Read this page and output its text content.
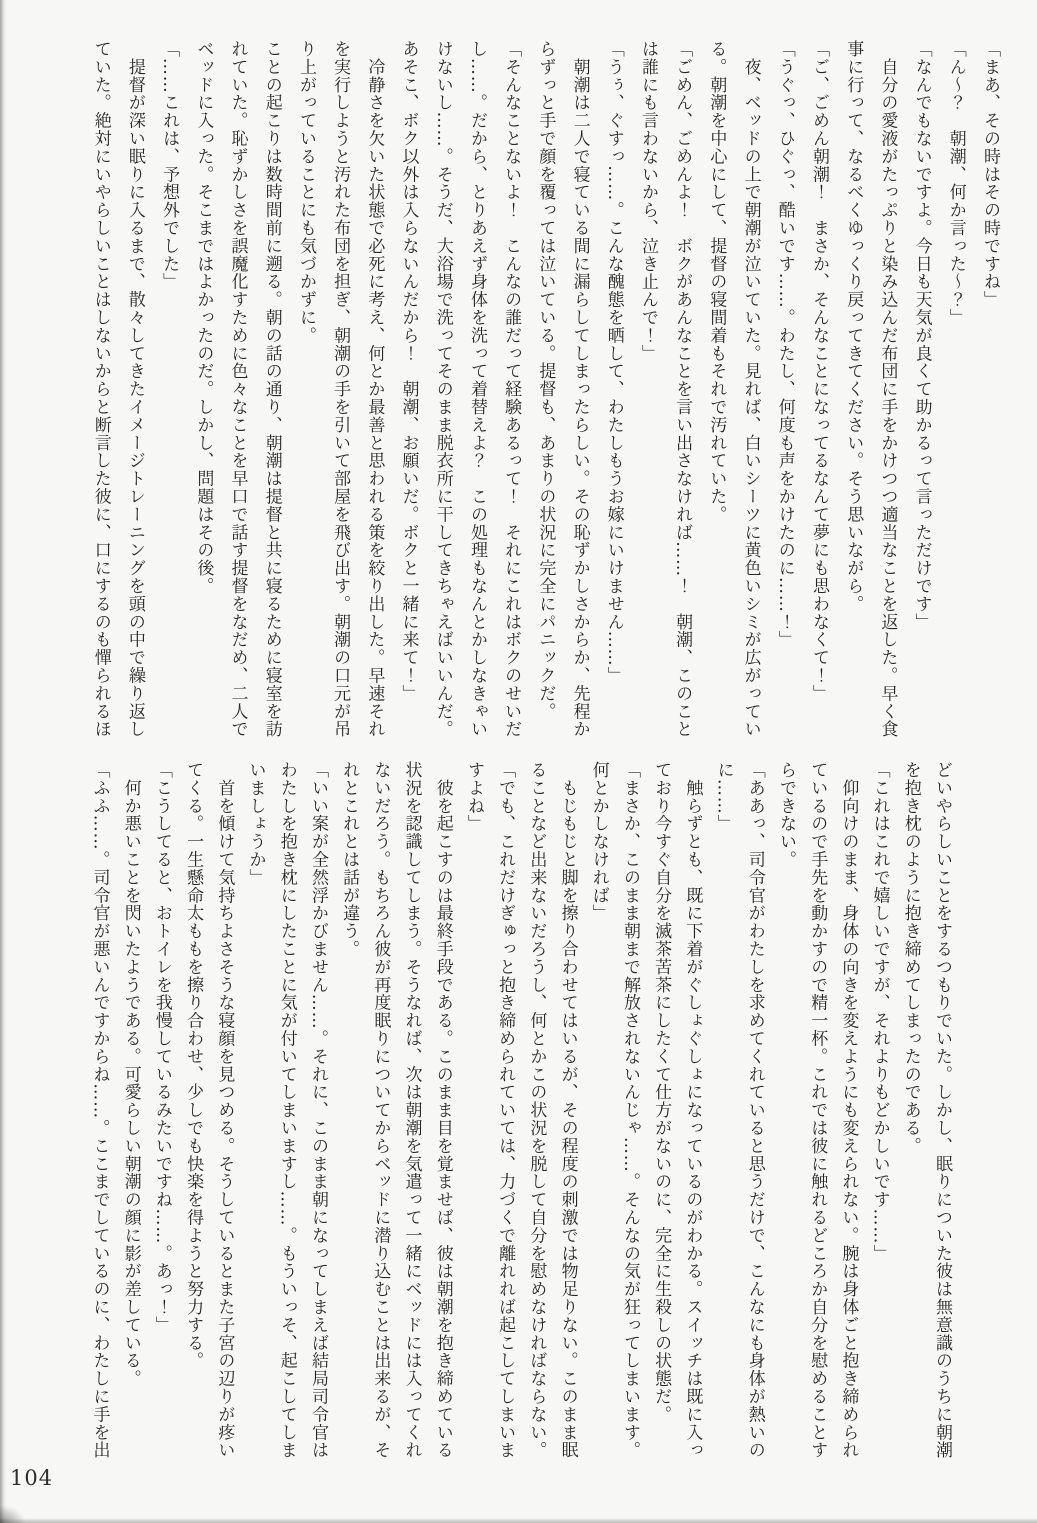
「まあ、その時はその時ですね」
「ん〜？　朝潮、何か言った〜？」
「なんでもないですよ。今日も天気が良くて助かるって言っただけです」
　自分の愛液がたっぷりと染み込んだ布団に手をかけつつ適当なことを返した。早く食
事に行って、なるべくゆっくり戻ってきてください。そう思いながら。
「ご、ごめん朝潮！　まさか、そんなことになってるなんて夢にも思わなくて！」
「うぐっ、ひぐっ、酷いです……。わたし、何度も声をかけたのに……！」
　夜、ベッドの上で朝潮が泣いていた。見れば、白いシーツに黄色いシミが広がってい
る。朝潮を中心にして、提督の寝間着もそれで汚れていた。
「ごめん、ごめんよ！　ボクがあんなことを言い出さなければ……！　朝潮、このこと
は誰にも言わないから、泣き止んで！」
「うぅ、ぐすっ……。こんな醜態を晒して、わたしもうお嫁にいけません……」
　朝潮は二人で寝ている間に漏らしてしまったらしい。その恥ずかしさからか、先程か
らずっと手で顔を覆っては泣いている。提督も、あまりの状況に完全にパニックだ。
「そんなことないよ！　こんなの誰だって経験あるって！　それにこれはボクのせいだ
し……。だから、とりあえず身体を洗って着替えよ？　この処理もなんとかしなきゃい
けないし……。そうだ、大浴場で洗ってそのまま脱衣所に干してきちゃえばいいんだ。
あそこ、ボク以外は入らないんだから！　朝潮、お願いだ。ボクと一緒に来て！」
　冷静さを欠いた状態で必死に考え、何とか最善と思われる策を絞り出した。早速それ
を実行しようと汚れた布団を担ぎ、朝潮の手を引いて部屋を飛び出す。朝潮の口元が吊
り上がっていることにも気づかずに。
ことの起こりは数時間前に遡る。朝の話の通り、朝潮は提督と共に寝るために寝室を訪
れていた。恥ずかしさを誤魔化すために色々なことを早口で話す提督をなだめ、二人で
ベッドに入った。そこまではよかったのだ。しかし、問題はその後。
「……これは、予想外でした」
　提督が深い眠りに入るまで、散々してきたイメージトレーニングを頭の中で繰り返し
ていた。絶対にいやらしいことはしないからと断言した彼に、口にするのも憚られるほ
どいやらしいことをするつもりでいた。しかし、眠りについた彼は無意識のうちに朝潮
を抱き枕のように抱き締めてしまったのである。
「これはこれで嬉しいですが、それよりもどかしいです……」
　仰向けのまま、身体の向きを変えようにも変えられない。腕は身体ごと抱き締められ
ているので手先を動かすので精一杯。これでは彼に触れるどころか自分を慰めることす
らできない。
「ああっ、司令官がわたしを求めてくれていると思うだけで、こんなにも身体が熱いの
に……」
　触らずとも、既に下着がぐしょぐしょになっているのがわかる。スイッチは既に入っ
ており今すぐ自分を滅茶苦茶にしたくて仕方がないのに、完全に生殺しの状態だ。
「まさか、このまま朝まで解放されないんじゃ……。そんなの気が狂ってしまいます。
何とかしなければ」
　もじもじと脚を擦り合わせてはいるが、その程度の刺激では物足りない。このまま眠
ることなど出来ないだろうし、何とかこの状況を脱して自分を慰めなければならない。
「でも、これだけぎゅっと抱き締められていては、力づくで離れれば起こしてしまいま
すよね」
　彼を起こすのは最終手段である。このまま目を覚ませば、彼は朝潮を抱き締めている
状況を認識してしまう。そうなれば、次は朝潮を気遣って一緒にベッドには入ってくれ
ないだろう。もちろん彼が再度眠りについてからベッドに潜り込むことは出来るが、そ
れとこれとは話が違う。
「いい案が全然浮かびません……。それに、このまま朝になってしまえば結局司令官は
わたしを抱き枕にしたことに気が付いてしまいますし……。もういっそ、起こしてしま
いましょうか」
　首を傾けて気持ちよさそうな寝顔を見つめる。そうしているとまた子宮の辺りが疼い
てくる。一生懸命太ももを擦り合わせ、少しでも快楽を得ようと努力する。
「こうしてると、おトイレを我慢しているみたいですね……。あっ！」
　何か悪いことを閃いたようである。可愛らしい朝潮の顔に影が差している。
「ふふ……。司令官が悪いんですからね……。ここまでしているのに、わたしに手を出
104
